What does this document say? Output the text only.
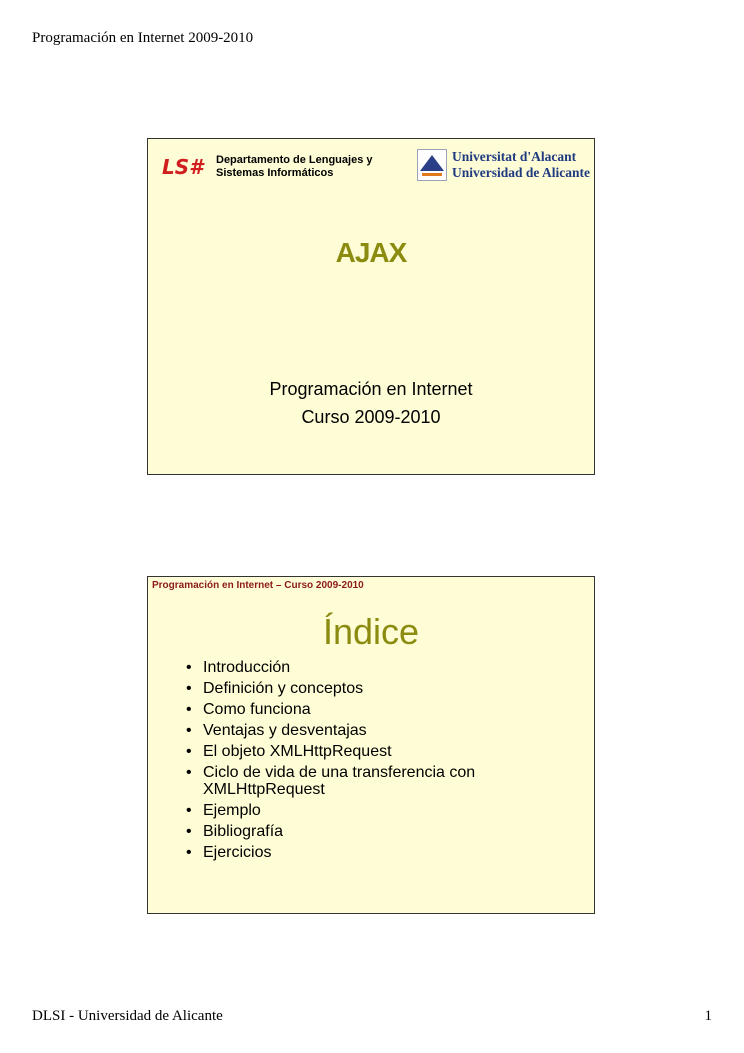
Programación en Internet 2009-2010
LS# Departamento de Lenguajes y
Sistemas Informáticos
Universitat d'Alacant
Universidad de Alicante
AJAX
Programación en Internet
Curso 2009-2010
Programación en Internet – Curso 2009-2010
Índice
• Introducción
• Definición y conceptos
• Como funciona
• Ventajas y desventajas
• El objeto XMLHttpRequest
• Ciclo de vida de una transferencia con XMLHttpRequest
• Ejemplo
• Bibliografía
• Ejercicios
DLSI - Universidad de Alicante	1
